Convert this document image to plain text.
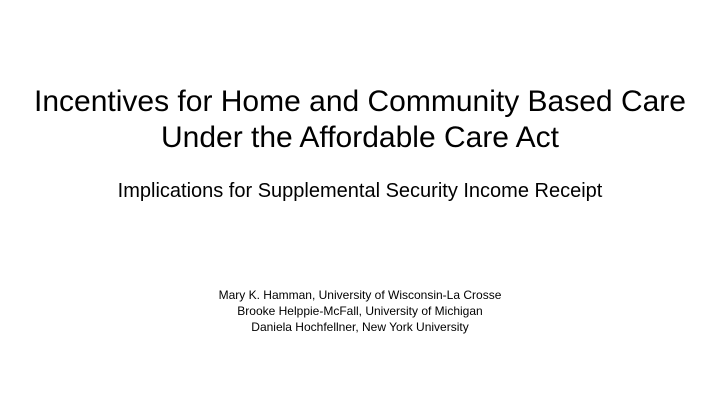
Incentives for Home and Community Based Care
Under the Affordable Care Act

Implications for Supplemental Security Income Receipt

Mary K. Hamman, University of Wisconsin-La Crosse
Brooke Helppie-McFall, University of Michigan
Daniela Hochfellner, New York University
